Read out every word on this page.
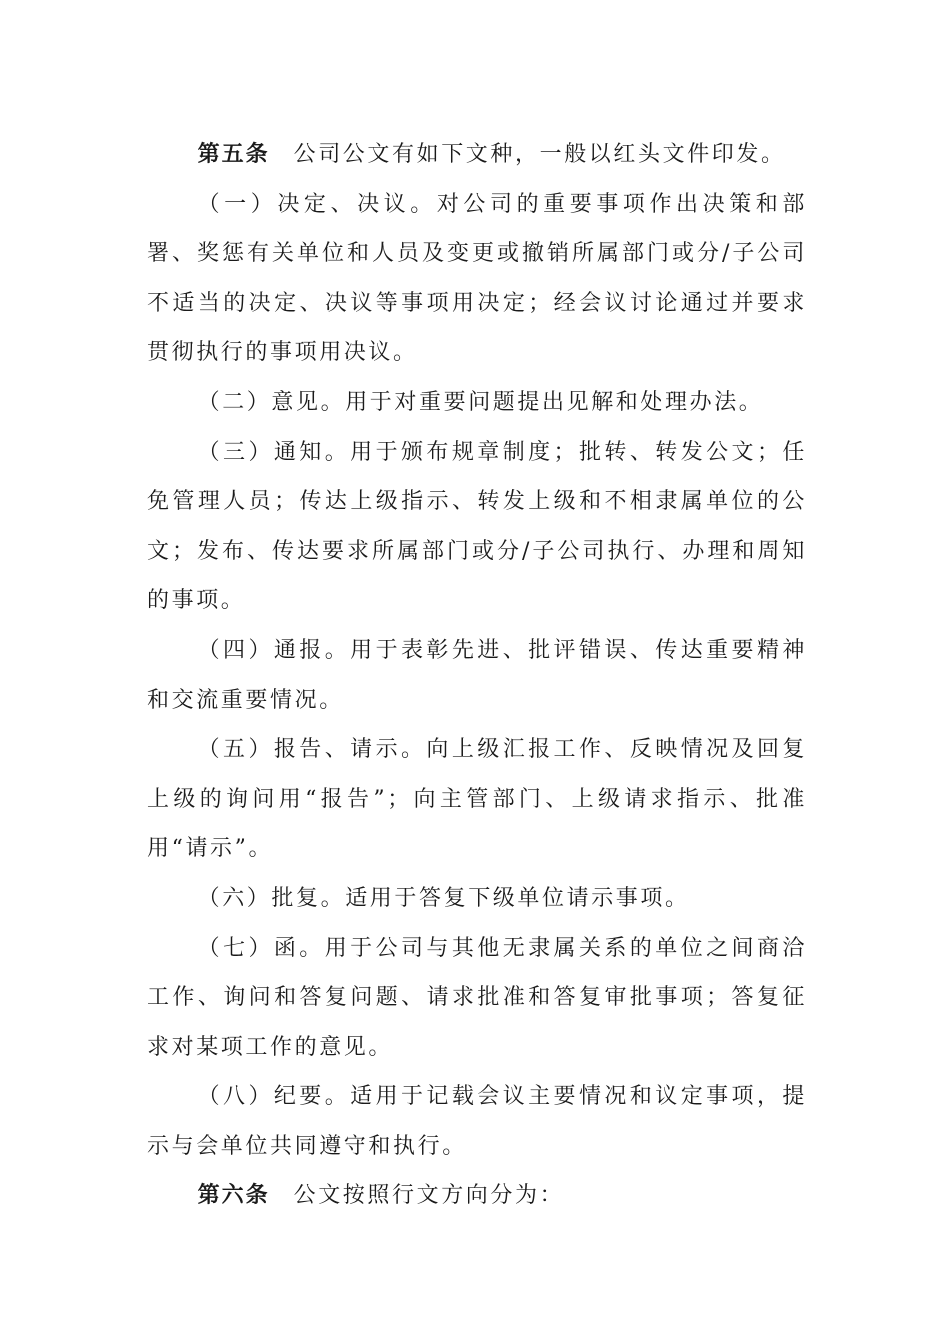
第五条 公司公文有如下文种，一般以红头文件印发。

（一）决定、决议。对公司的重要事项作出决策和部署、奖惩有关单位和人员及变更或撤销所属部门或分/子公司不适当的决定、决议等事项用决定；经会议讨论通过并要求贯彻执行的事项用决议。

（二）意见。用于对重要问题提出见解和处理办法。

（三）通知。用于颁布规章制度；批转、转发公文；任免管理人员；传达上级指示、转发上级和不相隶属单位的公文；发布、传达要求所属部门或分/子公司执行、办理和周知的事项。

（四）通报。用于表彰先进、批评错误、传达重要精神和交流重要情况。

（五）报告、请示。向上级汇报工作、反映情况及回复上级的询问用“报告”；向主管部门、上级请求指示、批准用“请示”。

（六）批复。适用于答复下级单位请示事项。

（七）函。用于公司与其他无隶属关系的单位之间商洽工作、询问和答复问题、请求批准和答复审批事项；答复征求对某项工作的意见。

（八）纪要。适用于记载会议主要情况和议定事项，提示与会单位共同遵守和执行。

第六条 公文按照行文方向分为：
